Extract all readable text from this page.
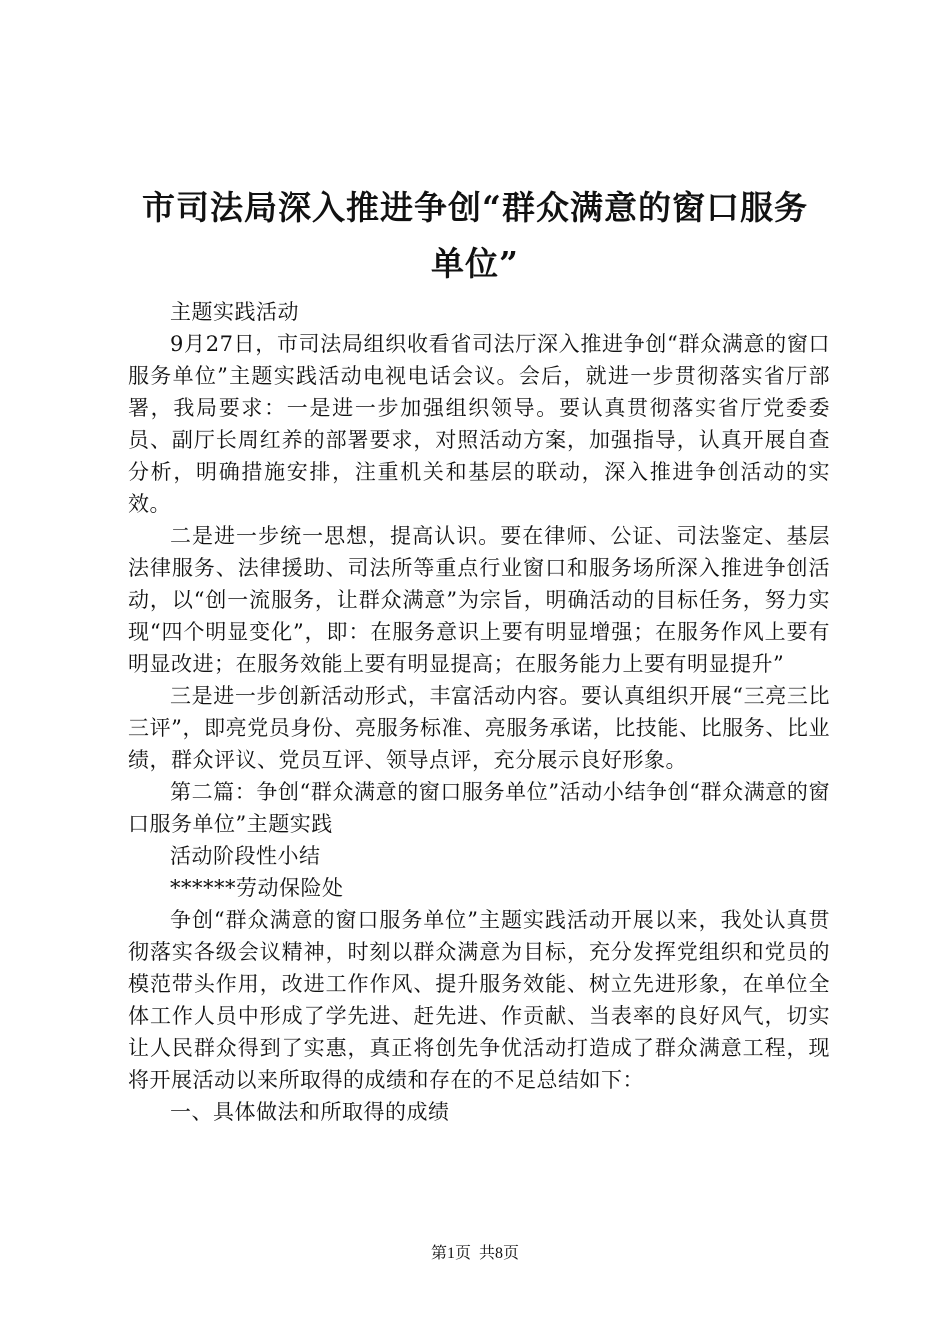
市司法局深入推进争创“群众满意的窗口服务
单位”

主题实践活动

9月27日，市司法局组织收看省司法厅深入推进争创“群众满意的窗口服务单位”主题实践活动电视电话会议。会后，就进一步贯彻落实省厅部署，我局要求：一是进一步加强组织领导。要认真贯彻落实省厅党委委员、副厅长周红养的部署要求，对照活动方案，加强指导，认真开展自查分析，明确措施安排，注重机关和基层的联动，深入推进争创活动的实效。

二是进一步统一思想，提高认识。要在律师、公证、司法鉴定、基层法律服务、法律援助、司法所等重点行业窗口和服务场所深入推进争创活动，以“创一流服务，让群众满意”为宗旨，明确活动的目标任务，努力实现“四个明显变化”，即：在服务意识上要有明显增强；在服务作风上要有明显改进；在服务效能上要有明显提高；在服务能力上要有明显提升”

三是进一步创新活动形式，丰富活动内容。要认真组织开展“三亮三比三评”，即亮党员身份、亮服务标准、亮服务承诺，比技能、比服务、比业绩，群众评议、党员互评、领导点评，充分展示良好形象。

第二篇：争创“群众满意的窗口服务单位”活动小结争创“群众满意的窗口服务单位”主题实践

活动阶段性小结

******劳动保险处

争创“群众满意的窗口服务单位”主题实践活动开展以来，我处认真贯彻落实各级会议精神，时刻以群众满意为目标，充分发挥党组织和党员的模范带头作用，改进工作作风、提升服务效能、树立先进形象，在单位全体工作人员中形成了学先进、赶先进、作贡献、当表率的良好风气，切实让人民群众得到了实惠，真正将创先争优活动打造成了群众满意工程，现将开展活动以来所取得的成绩和存在的不足总结如下：

一、具体做法和所取得的成绩

第1页 共8页
